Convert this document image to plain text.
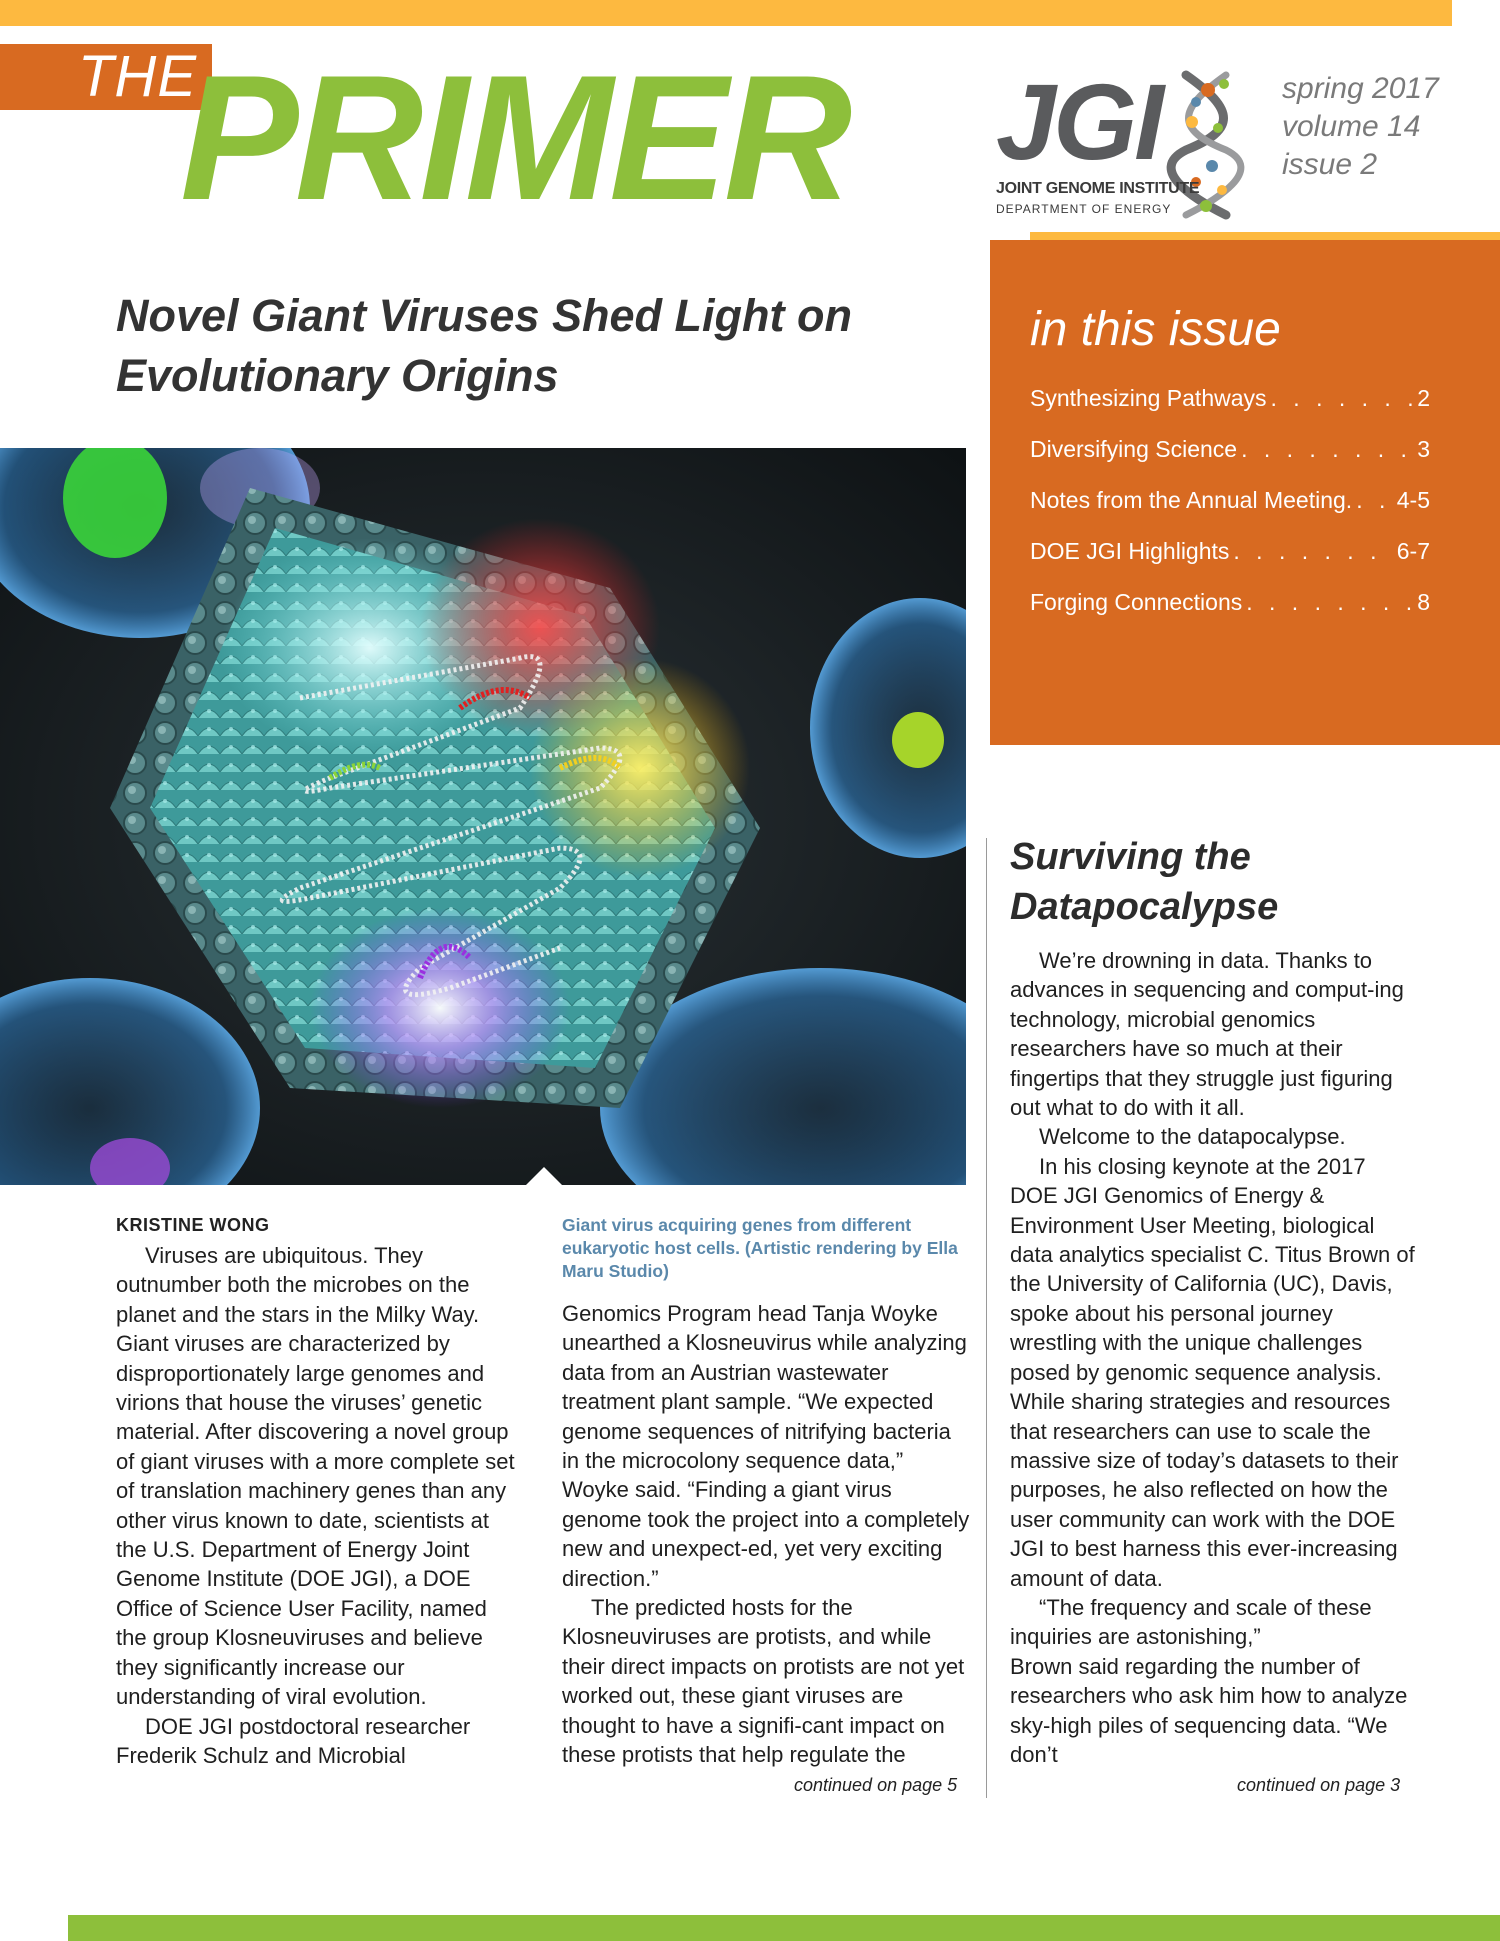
THE
PRIMER JGI
JOINT GENOME INSTITUTE
DEPARTMENT OF ENERGY
spring 2017
volume 14
issue 2
in this issue
Synthesizing Pathways . . .	2
Diversifying Science . . .	3
Notes from the Annual Meeting. . . . 4-5
DOE JGI Highlights . . .	6-7
Forging Connections . . .	8
Novel Giant Viruses Shed Light on
Evolutionary Origins
KRISTINE WONG

Viruses are ubiquitous. They outnumber both the microbes on the planet and the stars in the Milky Way. Giant viruses are characterized by disproportionately large genomes and virions that house the viruses’ genetic material. After discovering a novel group of giant viruses with a more complete set of translation machinery genes than any other virus known to date, scientists at the U.S. Department of Energy Joint Genome Institute (DOE JGI), a DOE Office of Science User Facility, named the group Klosneuviruses and believe they significantly increase our understanding of viral evolution.

DOE JGI postdoctoral researcher Frederik Schulz and Microbial

Giant virus acquiring genes from different eukaryotic host cells. (Artistic rendering by Ella Maru Studio)

Genomics Program head Tanja Woyke unearthed a Klosneuvirus while analyzing data from an Austrian wastewater treatment plant sample. “We expected genome sequences of nitrifying bacteria in the microcolony sequence data,” Woyke said. “Finding a giant virus genome took the project into a completely new and unexpect-ed, yet very exciting direction.”

The predicted hosts for the Klosneuviruses are protists, and while their direct impacts on protists are not yet worked out, these giant viruses are thought to have a signifi-cant impact on these protists that help regulate the

continued on page 5
Surviving the
Datapocalypse

We’re drowning in data. Thanks to advances in sequencing and comput-ing technology, microbial genomics researchers have so much at their fingertips that they struggle just figuring out what to do with it all.

Welcome to the datapocalypse.

In his closing keynote at the 2017 DOE JGI Genomics of Energy & Environment User Meeting, biological data analytics specialist C. Titus Brown of the University of California (UC), Davis, spoke about his personal journey wrestling with the unique challenges posed by genomic sequence analysis. While sharing strategies and resources that researchers can use to scale the massive size of today’s datasets to their purposes, he also reflected on how the user community can work with the DOE JGI to best harness this ever-increasing amount of data.

“The frequency and scale of these inquiries are astonishing,”

Brown said regarding the number of researchers who ask him how to analyze sky-high piles of sequencing data. “We don’t

continued on page 3
